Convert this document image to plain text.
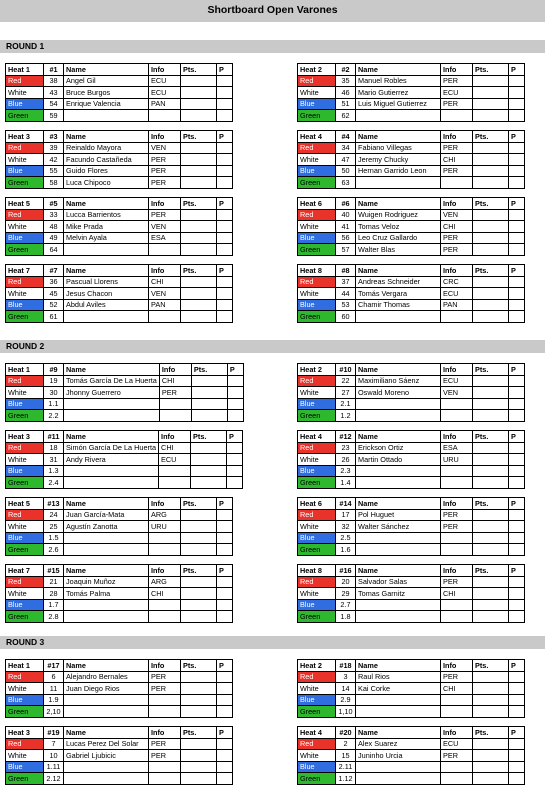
Shortboard Open Varones
ROUND 1
Heat 1	#1	Name	Info	Pts.	P
Red	38	Angel Gil	ECU		
White	43	Bruce Burgos	ECU		
Blue	54	Enrique Valencia	PAN		
Green	59				
Heat 2	#2	Name	Info	Pts.	P
Red	35	Manuel Robles	PER		
White	46	Mario Gutierrez	ECU		
Blue	51	Luis Miguel Gutierrez	PER		
Green	62				
Heat 3	#3	Name	Info	Pts.	P
Red	39	Reinaldo Mayora	VEN		
White	42	Facundo Castañeda	PER		
Blue	55	Guido Flores	PER		
Green	58	Luca Chipoco	PER		
Heat 4	#4	Name	Info	Pts.	P
Red	34	Fabiano Villegas	PER		
White	47	Jeremy Chucky	CHI		
Blue	50	Hernan Garrido Leon	PER		
Green	63				
Heat 5	#5	Name	Info	Pts.	P
Red	33	Lucca Barrientos	PER		
White	48	Mike Prada	VEN		
Blue	49	Melvin Ayala	ESA		
Green	64				
Heat 6	#6	Name	Info	Pts.	P
Red	40	Wuigen Rodriguez	VEN		
White	41	Tomas Veloz	CHI		
Blue	56	Leo Cruz Gallardo	PER		
Green	57	Walter Blas	PER		
Heat 7	#7	Name	Info	Pts.	P
Red	36	Pascual Llorens	CHI		
White	45	Jesus Chacon	VEN		
Blue	52	Abdul Aviles	PAN		
Green	61				
Heat 8	#8	Name	Info	Pts.	P
Red	37	Andreas Schneider	CRC		
White	44	Tomás Vergara	ECU		
Blue	53	Chamir Thomas	PAN		
Green	60				
ROUND 2
Heat 1	#9	Name	Info	Pts.	P
Red	19	Tomás García De La Huerta	CHI		
White	30	Jhonny Guerrero	PER		
Blue	1.1				
Green	2.2				
Heat 2	#10	Name	Info	Pts.	P
Red	22	Maximiliano Sáenz	ECU		
White	27	Oswald Moreno	VEN		
Blue	2.1				
Green	1.2				
Heat 3	#11	Name	Info	Pts.	P
Red	18	Simón García De La Huerta	CHI		
White	31	Andy Rivera	ECU		
Blue	1.3				
Green	2.4				
Heat 4	#12	Name	Info	Pts.	P
Red	23	Erickson Ortiz	ESA		
White	26	Martin Ottado	URU		
Blue	2.3				
Green	1.4				
Heat 5	#13	Name	Info	Pts.	P
Red	24	Juan García-Mata	ARG		
White	25	Agustín Zanotta	URU		
Blue	1.5				
Green	2.6				
Heat 6	#14	Name	Info	Pts.	P
Red	17	Pol Huguet	PER		
White	32	Walter Sánchez	PER		
Blue	2.5				
Green	1.6				
Heat 7	#15	Name	Info	Pts.	P
Red	21	Joaquin Muñoz	ARG		
White	28	Tomás Palma	CHI		
Blue	1.7				
Green	2.8				
Heat 8	#16	Name	Info	Pts.	P
Red	20	Salvador Salas	PER		
White	29	Tomas Garnitz	CHI		
Blue	2.7				
Green	1.8				
ROUND 3
Heat 1	#17	Name	Info	Pts.	P
Red	6	Alejandro Bernales	PER		
White	11	Juan Diego Rios	PER		
Blue	1.9				
Green	2,10				
Heat 2	#18	Name	Info	Pts.	P
Red	3	Raul Rios	PER		
White	14	Kai Corke	CHI		
Blue	2.9				
Green	1,10				
Heat 3	#19	Name	Info	Pts.	P
Red	7	Lucas Perez Del Solar	PER		
White	10	Gabriel Ljubicic	PER		
Blue	1.11				
Green	2.12				
Heat 4	#20	Name	Info	Pts.	P
Red	2	Alex Suarez	ECU		
White	15	Juninho Urcia	PER		
Blue	2.11				
Green	1.12				
